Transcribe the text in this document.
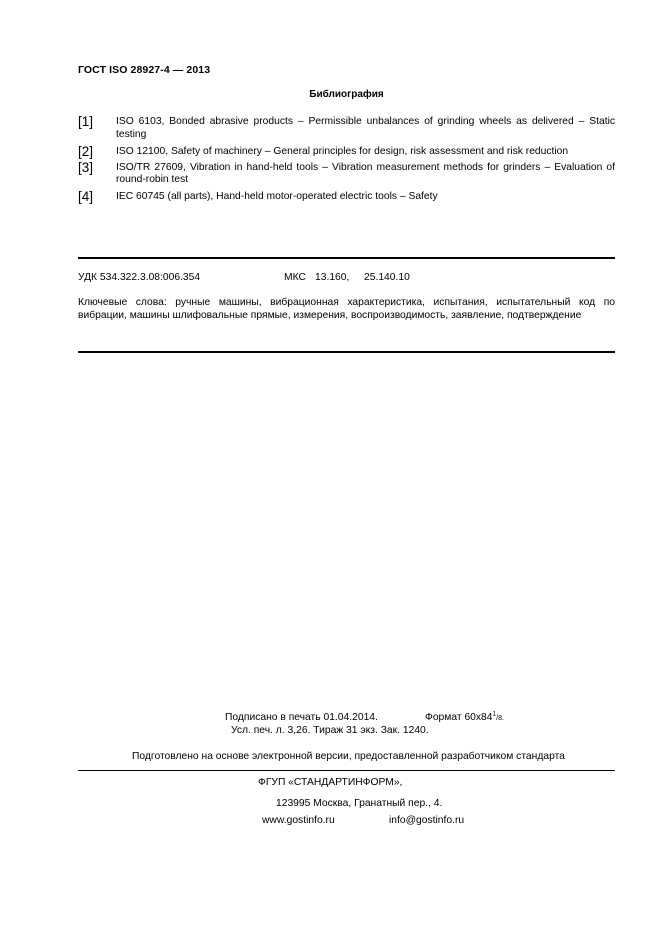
ГОСТ ISO 28927-4 — 2013
Библиография
[1]	ISO 6103, Bonded abrasive products – Permissible unbalances of grinding wheels as delivered – Static testing
[2]	ISO 12100, Safety of machinery – General principles for design, risk assessment and risk reduction
[3]	ISO/TR 27609, Vibration in hand-held tools – Vibration measurement methods for grinders – Evaluation of round-robin test
[4]	IEC 60745 (all parts), Hand-held motor-operated electric tools – Safety
УДК 534.322.3.08:006.354	МКС 13.160, 25.140.10
Ключевые слова: ручные машины, вибрационная характеристика, испытания, испытательный код по вибрации, машины шлифовальные прямые, измерения, воспроизводимость, заявление, подтверждение
Подписано в печать 01.04.2014.	Формат $60х84^1/8$.
Усл. печ. л. 3,26. Тираж 31 экз. Зак. 1240.
Подготовлено на основе электронной версии, предоставленной разработчиком стандарта
ФГУП «СТАНДАРТИНФОРМ»,
123995 Москва, Гранатный пер., 4.
www.gostinfo.ru	info@gostinfo.ru
